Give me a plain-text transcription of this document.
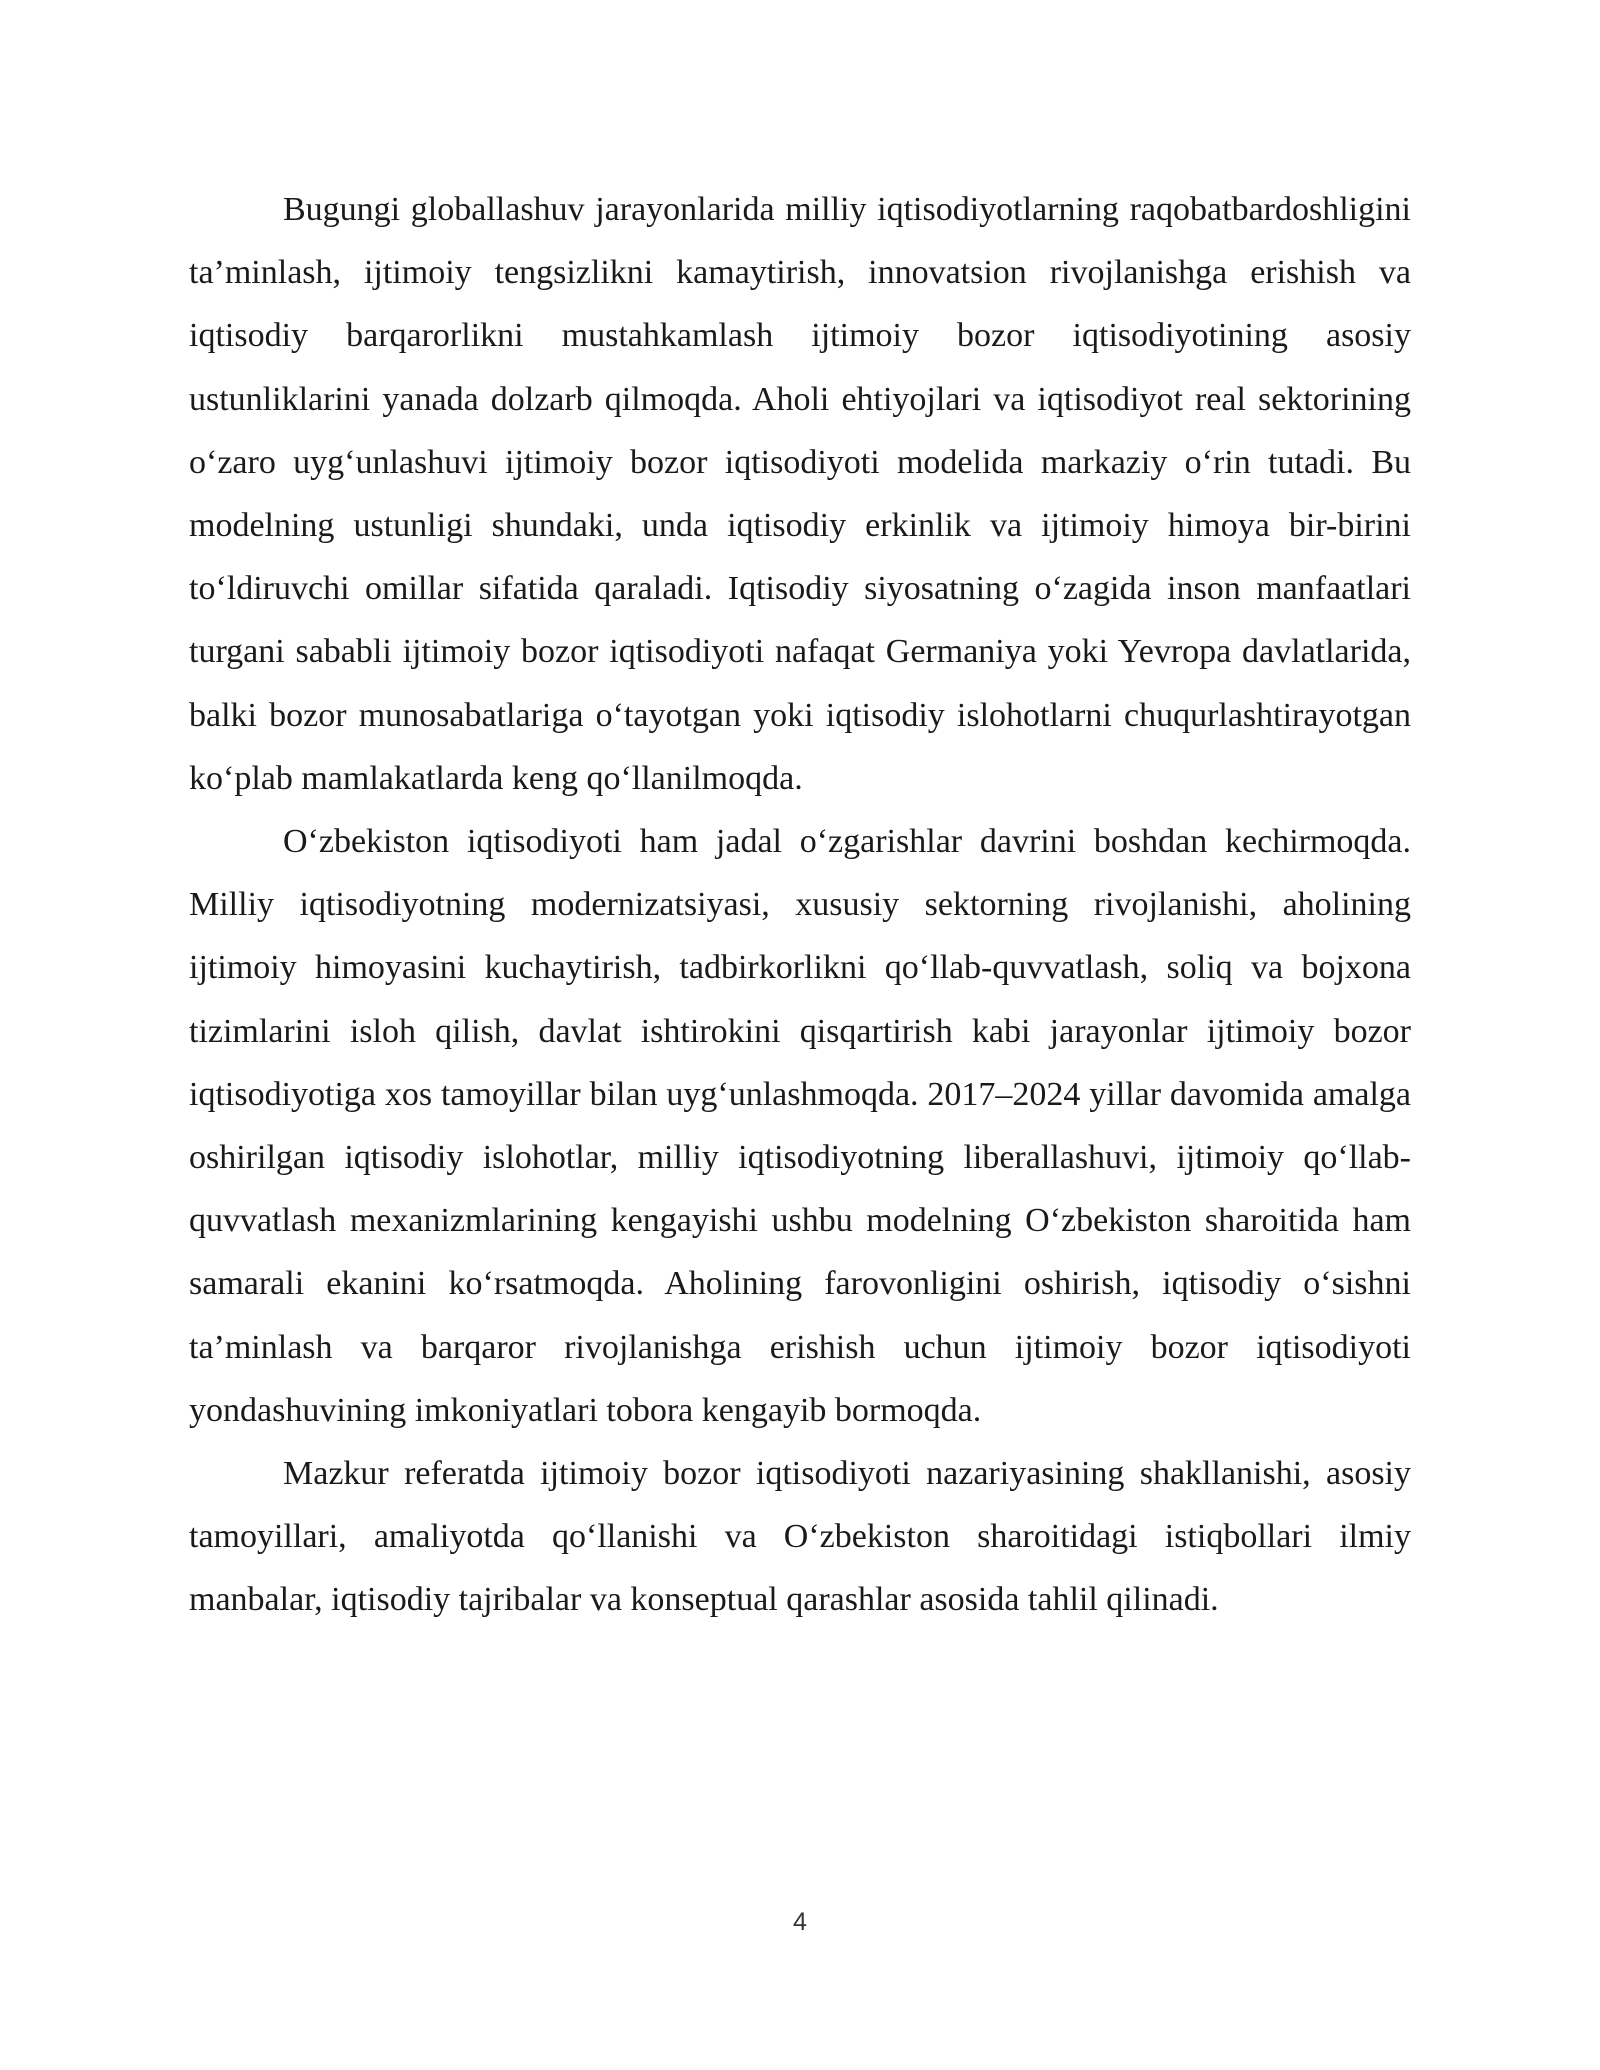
Bugungi globallashuv jarayonlarida milliy iqtisodiyotlarning raqobatbardoshligini ta’minlash, ijtimoiy tengsizlikni kamaytirish, innovatsion rivojlanishga erishish va iqtisodiy barqarorlikni mustahkamlash ijtimoiy bozor iqtisodiyotining asosiy ustunliklarini yanada dolzarb qilmoqda. Aholi ehtiyojlari va iqtisodiyot real sektorining o‘zaro uyg‘unlashuvi ijtimoiy bozor iqtisodiyoti modelida markaziy o‘rin tutadi. Bu modelning ustunligi shundaki, unda iqtisodiy erkinlik va ijtimoiy himoya bir-birini to‘ldiruvchi omillar sifatida qaraladi. Iqtisodiy siyosatning o‘zagida inson manfaatlari turgani sababli ijtimoiy bozor iqtisodiyoti nafaqat Germaniya yoki Yevropa davlatlarida, balki bozor munosabatlariga o‘tayotgan yoki iqtisodiy islohotlarni chuqurlashtirayotgan ko‘plab mamlakatlarda keng qo‘llanilmoqda.

O‘zbekiston iqtisodiyoti ham jadal o‘zgarishlar davrini boshdan kechirmoqda. Milliy iqtisodiyotning modernizatsiyasi, xususiy sektorning rivojlanishi, aholining ijtimoiy himoyasini kuchaytirish, tadbirkorlikni qo‘llab-quvvatlash, soliq va bojxona tizimlarini isloh qilish, davlat ishtirokini qisqartirish kabi jarayonlar ijtimoiy bozor iqtisodiyotiga xos tamoyillar bilan uyg‘unlashmoqda. 2017–2024 yillar davomida amalga oshirilgan iqtisodiy islohotlar, milliy iqtisodiyotning liberallashuvi, ijtimoiy qo‘llab-quvvatlash mexanizmlarining kengayishi ushbu modelning O‘zbekiston sharoitida ham samarali ekanini ko‘rsatmoqda. Aholining farovonligini oshirish, iqtisodiy o‘sishni ta’minlash va barqaror rivojlanishga erishish uchun ijtimoiy bozor iqtisodiyoti yondashuvining imkoniyatlari tobora kengayib bormoqda.

Mazkur referatda ijtimoiy bozor iqtisodiyoti nazariyasining shakllanishi, asosiy tamoyillari, amaliyotda qo‘llanishi va O‘zbekiston sharoitidagi istiqbollari ilmiy manbalar, iqtisodiy tajribalar va konseptual qarashlar asosida tahlil qilinadi.

4
